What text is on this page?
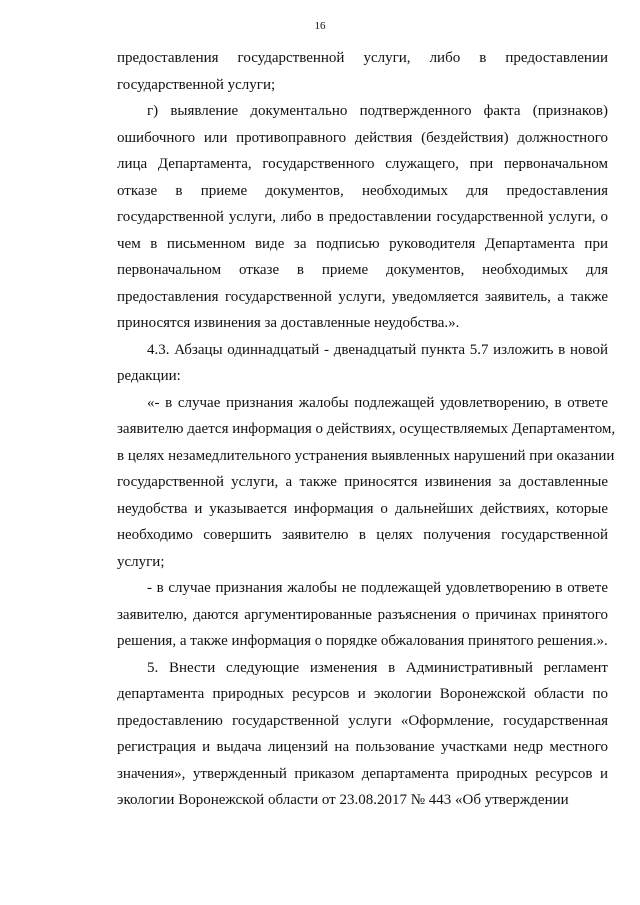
16
предоставления государственной услуги, либо в предоставлении
государственной услуги;
г) выявление документально подтвержденного факта (признаков)
ошибочного или противоправного действия (бездействия) должностного
лица Департамента, государственного служащего, при первоначальном
отказе в приеме документов, необходимых для предоставления
государственной услуги, либо в предоставлении государственной услуги, о
чем в письменном виде за подписью руководителя Департамента при
первоначальном отказе в приеме документов, необходимых для
предоставления государственной услуги, уведомляется заявитель, а также
приносятся извинения за доставленные неудобства.».
4.3. Абзацы одиннадцатый - двенадцатый пункта 5.7 изложить в новой
редакции:
«- в случае признания жалобы подлежащей удовлетворению, в ответе
заявителю дается информация о действиях, осуществляемых Департаментом,
в целях незамедлительного устранения выявленных нарушений при оказании
государственной услуги, а также приносятся извинения за доставленные
неудобства и указывается информация о дальнейших действиях, которые
необходимо совершить заявителю в целях получения государственной
услуги;
- в случае признания жалобы не подлежащей удовлетворению в ответе
заявителю, даются аргументированные разъяснения о причинах принятого
решения, а также информация о порядке обжалования принятого решения.».
5. Внести следующие изменения в Административный регламент
департамента природных ресурсов и экологии Воронежской области по
предоставлению государственной услуги «Оформление, государственная
регистрация и выдача лицензий на пользование участками недр местного
значения», утвержденный приказом департамента природных ресурсов и
экологии Воронежской области от 23.08.2017 № 443 «Об утверждении
